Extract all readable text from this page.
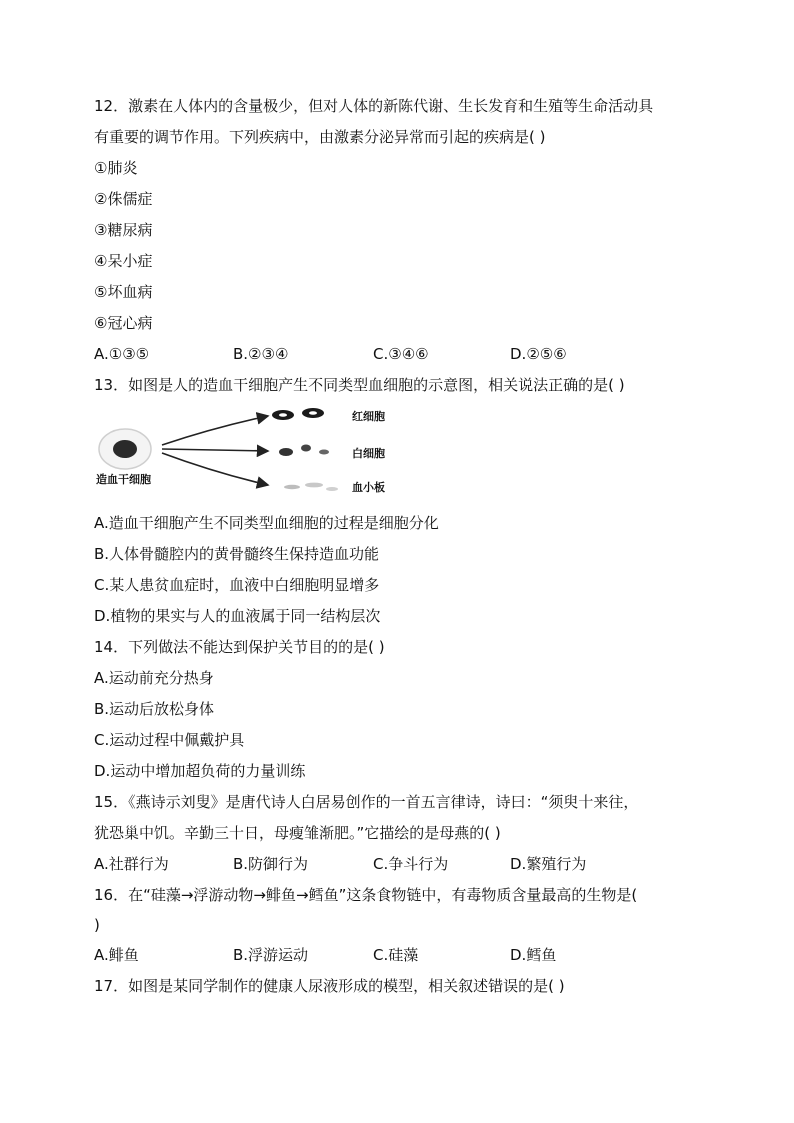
12．激素在人体内的含量极少，但对人体的新陈代谢、生长发育和生殖等生命活动具
有重要的调节作用。下列疾病中，由激素分泌异常而引起的疾病是( )
①肺炎
②侏儒症
③糖尿病
④呆小症
⑤坏血病
⑥冠心病
A.①③⑤	B.②③④	C.③④⑥	D.②⑤⑥
13．如图是人的造血干细胞产生不同类型血细胞的示意图，相关说法正确的是( )
造血干细胞
红细胞
白细胞
血小板
A.造血干细胞产生不同类型血细胞的过程是细胞分化
B.人体骨髓腔内的黄骨髓终生保持造血功能
C.某人患贫血症时，血液中白细胞明显增多
D.植物的果实与人的血液属于同一结构层次
14．下列做法不能达到保护关节目的的是( )
A.运动前充分热身
B.运动后放松身体
C.运动过程中佩戴护具
D.运动中增加超负荷的力量训练
15．《燕诗示刘叟》是唐代诗人白居易创作的一首五言律诗，诗曰：“须臾十来往，
犹恐巢中饥。辛勤三十日，母瘦雏渐肥。”它描绘的是母燕的( )
A.社群行为	B.防御行为	C.争斗行为	D.繁殖行为
16．在“硅藻→浮游动物→鲱鱼→鳕鱼”这条食物链中，有毒物质含量最高的生物是(
)
A.鲱鱼	B.浮游运动	C.硅藻	D.鳕鱼
17．如图是某同学制作的健康人尿液形成的模型，相关叙述错误的是( )
